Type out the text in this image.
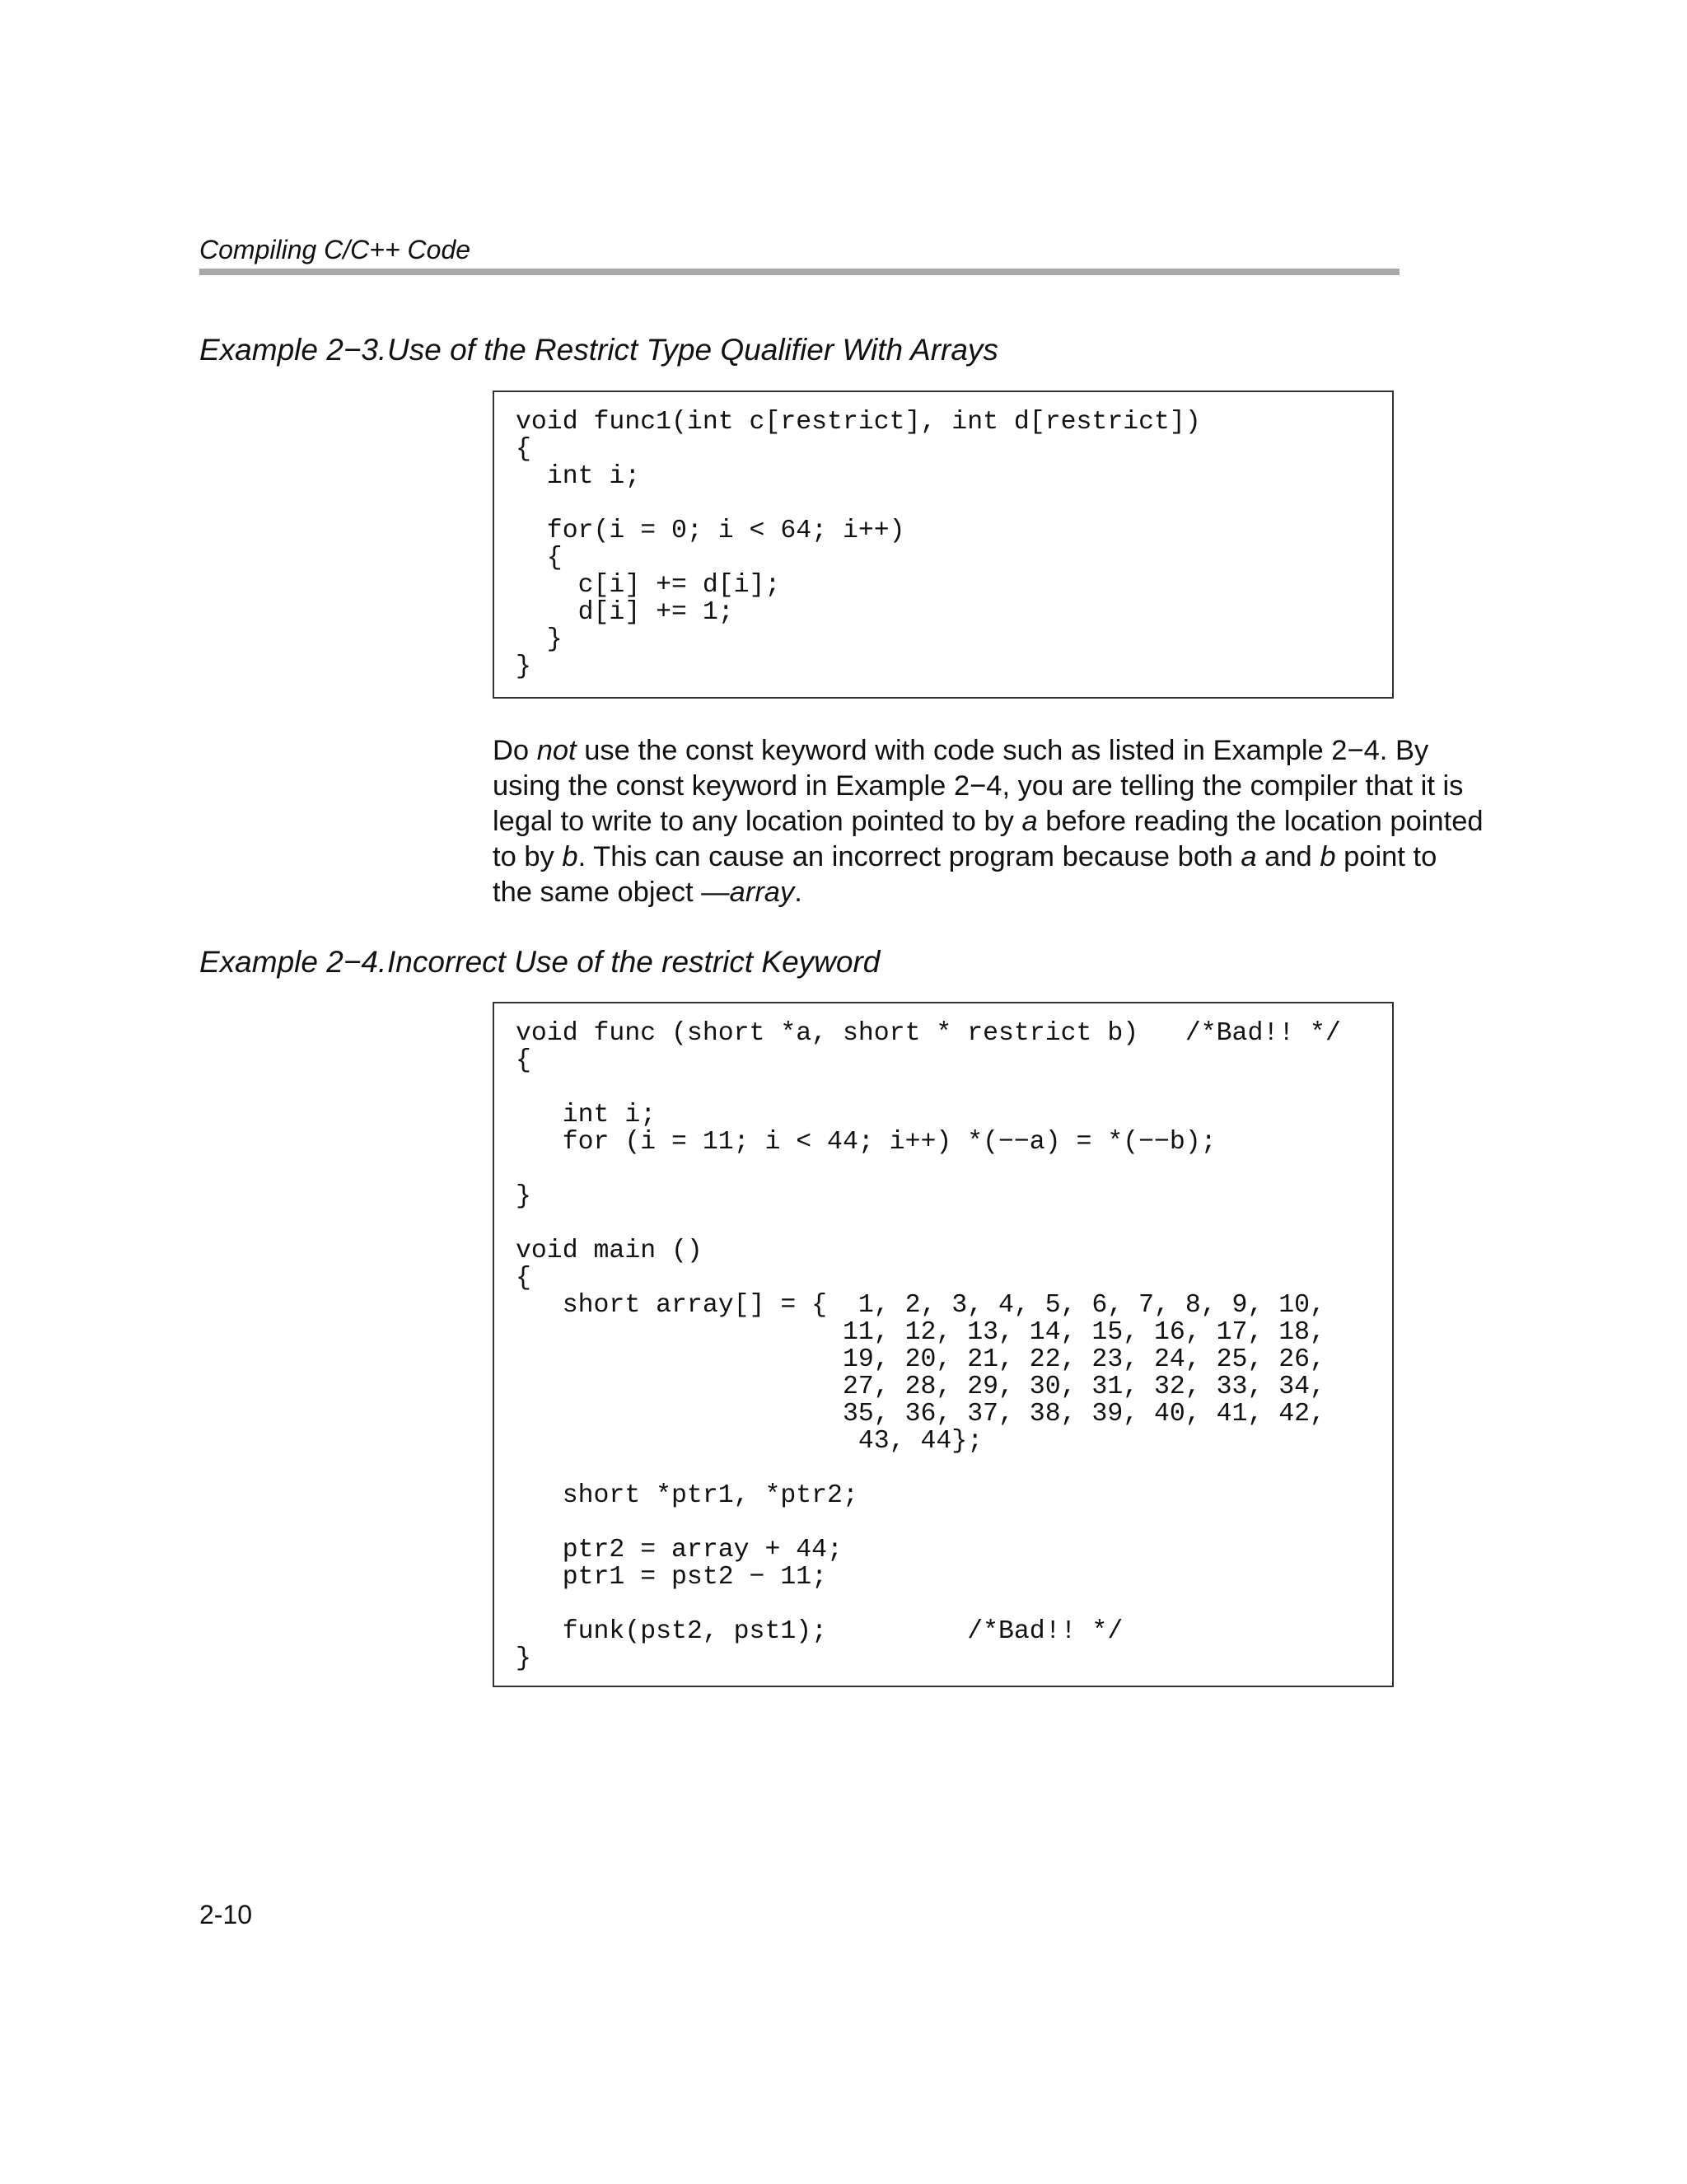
Compiling C/C++ Code
Example 2−3.Use of the Restrict Type Qualifier With Arrays
void func1(int c[restrict], int d[restrict])
{
int i;

for(i = 0; i < 64; i++)
{
c[i] += d[i];
d[i] += 1;
}
}
Do not use the const keyword with code such as listed in Example 2−4. By
using the const keyword in Example 2−4, you are telling the compiler that it is
legal to write to any location pointed to by a before reading the location pointed
to by b. This can cause an incorrect program because both a and b point to
the same object —array.
Example 2−4.Incorrect Use of the restrict Keyword
void func (short *a, short * restrict b)   /*Bad!! */
{

int i;
for (i = 11; i < 44; i++) *(−−a) = *(−−b);

}

void main ()
{
short array[] = {  1, 2, 3, 4, 5, 6, 7, 8, 9, 10,
11, 12, 13, 14, 15, 16, 17, 18,
19, 20, 21, 22, 23, 24, 25, 26,
27, 28, 29, 30, 31, 32, 33, 34,
35, 36, 37, 38, 39, 40, 41, 42,
43, 44};

short *ptr1, *ptr2;

ptr2 = array + 44;
ptr1 = pst2 − 11;

funk(pst2, pst1);         /*Bad!! */
}
2-10
